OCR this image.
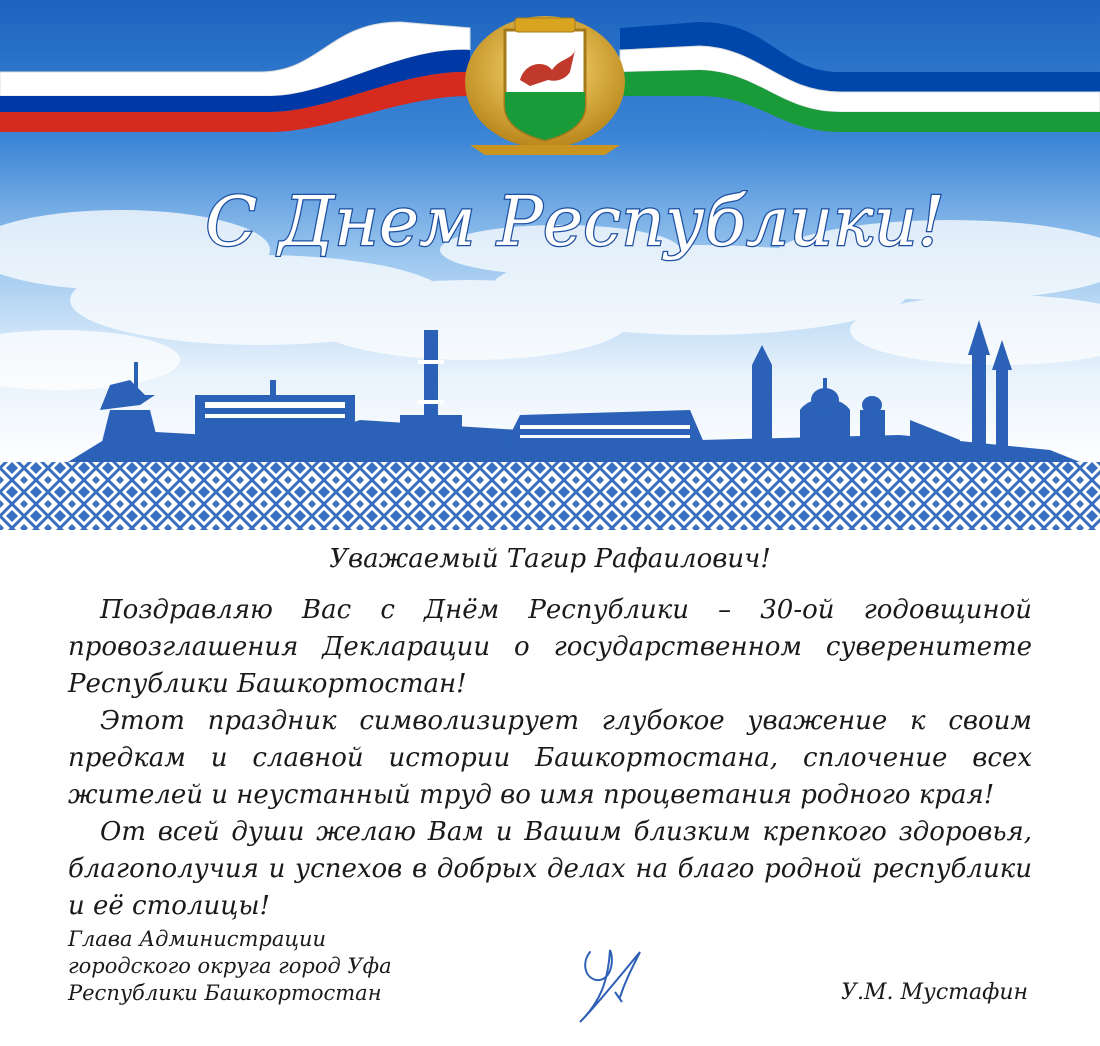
С Днем Республики!
Уважаемый Тагир Рафаилович!

Поздравляю Вас с Днём Республики – 30-ой годовщиной провозглашения Декларации о государственном суверенитете Республики Башкортостан!

Этот праздник символизирует глубокое уважение к своим предкам и славной истории Башкортостана, сплочение всех жителей и неустанный труд во имя процветания родного края!

От всей души желаю Вам и Вашим близким крепкого здоровья, благополучия и успехов в добрых делах на благо родной республики и её столицы!

Глава Администрации
городского округа город Уфа
Республики Башкортостан	У.М. Мустафин
